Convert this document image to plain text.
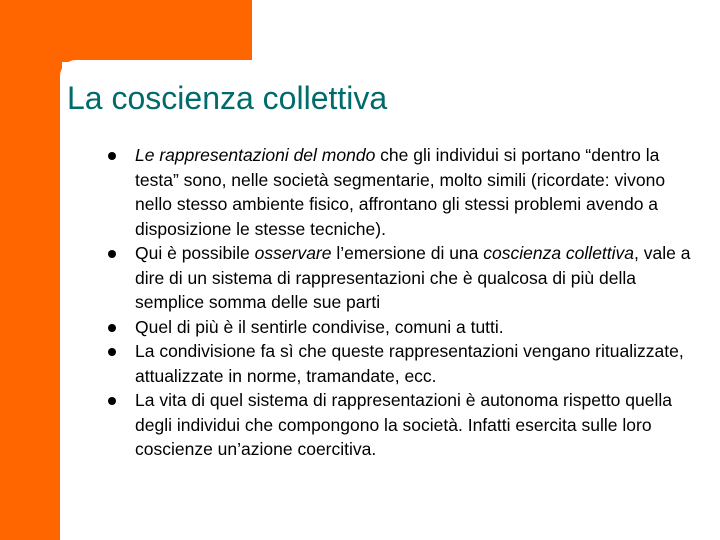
La coscienza collettiva
Le rappresentazioni del mondo che gli individui si portano “dentro la testa” sono, nelle società segmentarie, molto simili (ricordate: vivono nello stesso ambiente fisico, affrontano gli stessi problemi avendo a disposizione le stesse tecniche).
Qui è possibile osservare l’emersione di una coscienza collettiva, vale a dire di un sistema di rappresentazioni che è qualcosa di più della semplice somma delle sue parti
Quel di più è il sentirle condivise, comuni a tutti.
La condivisione fa sì che queste rappresentazioni vengano ritualizzate, attualizzate in norme, tramandate, ecc.
La vita di quel sistema di rappresentazioni è autonoma rispetto quella degli individui che compongono la società. Infatti esercita sulle loro coscienze un’azione coercitiva.
